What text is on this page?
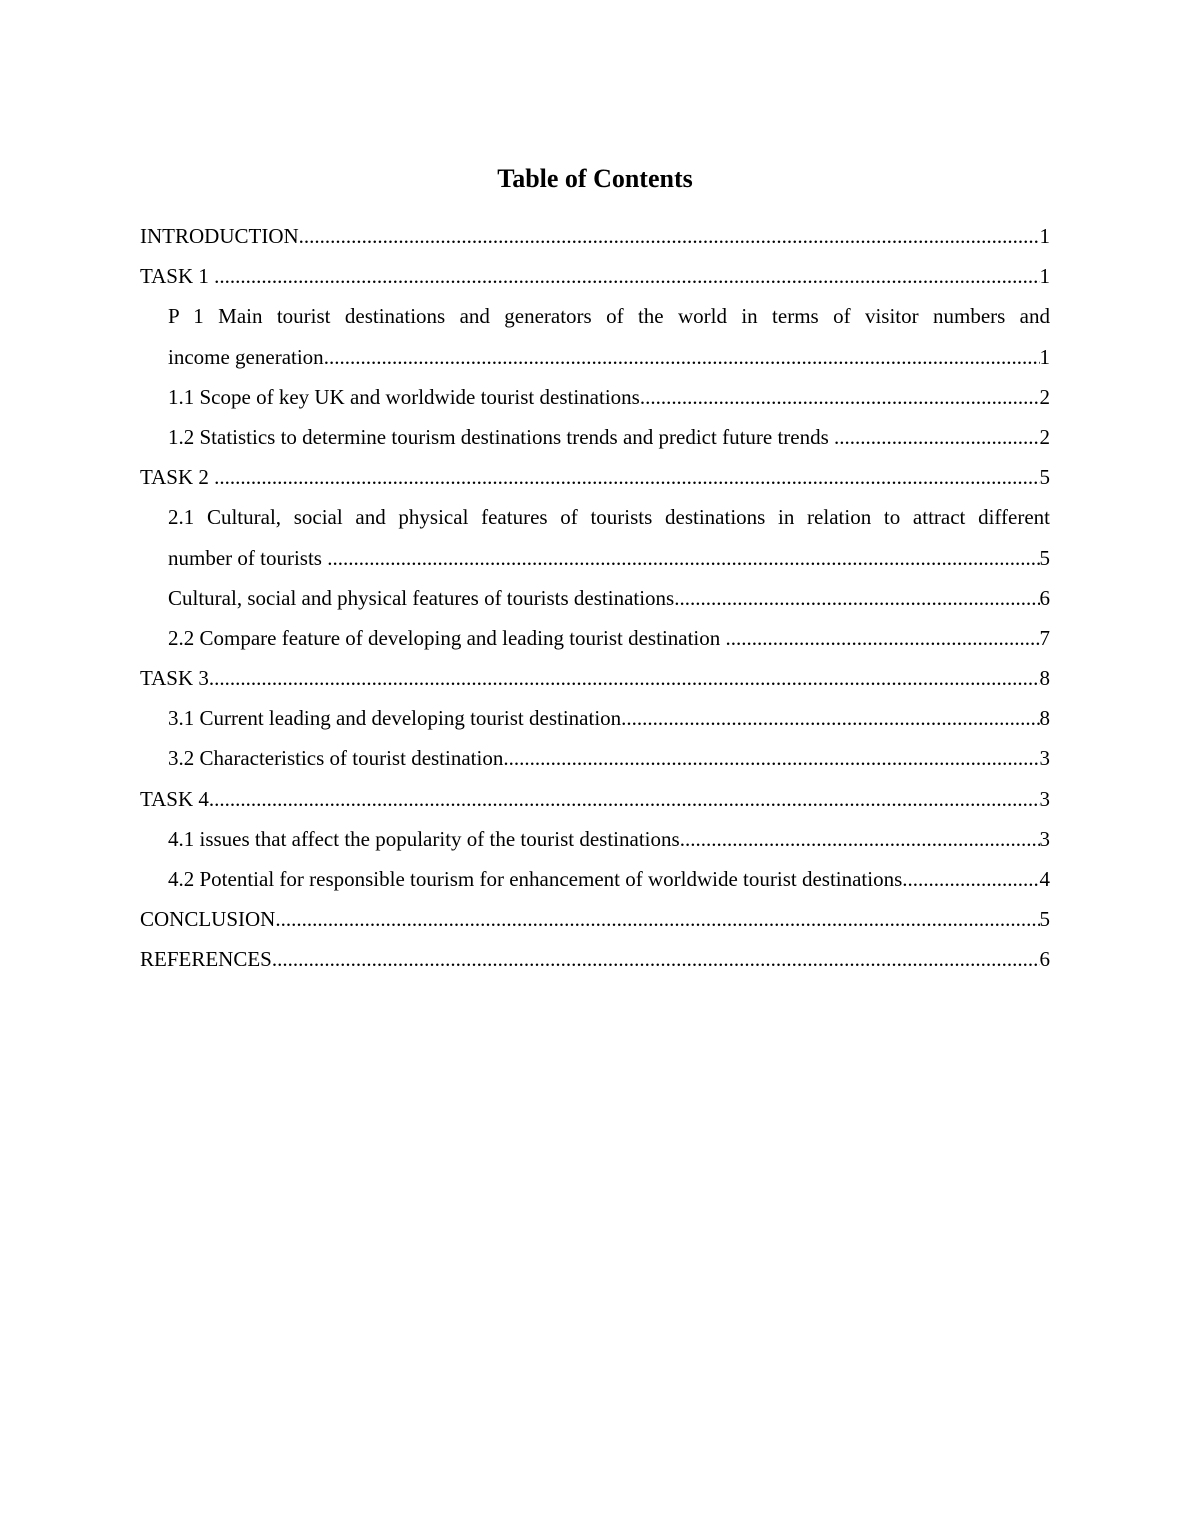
Table of Contents
INTRODUCTION .....	1
TASK 1 .....	1
P 1 Main tourist destinations and generators of the world in terms of visitor numbers and
income generation .....	1
1.1 Scope of key UK and worldwide tourist destinations .....	2
1.2 Statistics to determine tourism destinations trends and predict future trends .....	2
TASK 2 .....	5
2.1 Cultural, social and physical features of tourists destinations in relation to attract different
number of tourists .....	5
Cultural, social and physical features of tourists destinations .....	6
2.2 Compare feature of developing and leading tourist destination .....	7
TASK 3 .....	8
3.1 Current leading and developing tourist destination .....	8
3.2 Characteristics of tourist destination .....	3
TASK 4 .....	3
4.1 issues that affect the popularity of the tourist destinations .....	3
4.2 Potential for responsible tourism for enhancement of worldwide tourist destinations .....	4
CONCLUSION .....	5
REFERENCES .....	6
